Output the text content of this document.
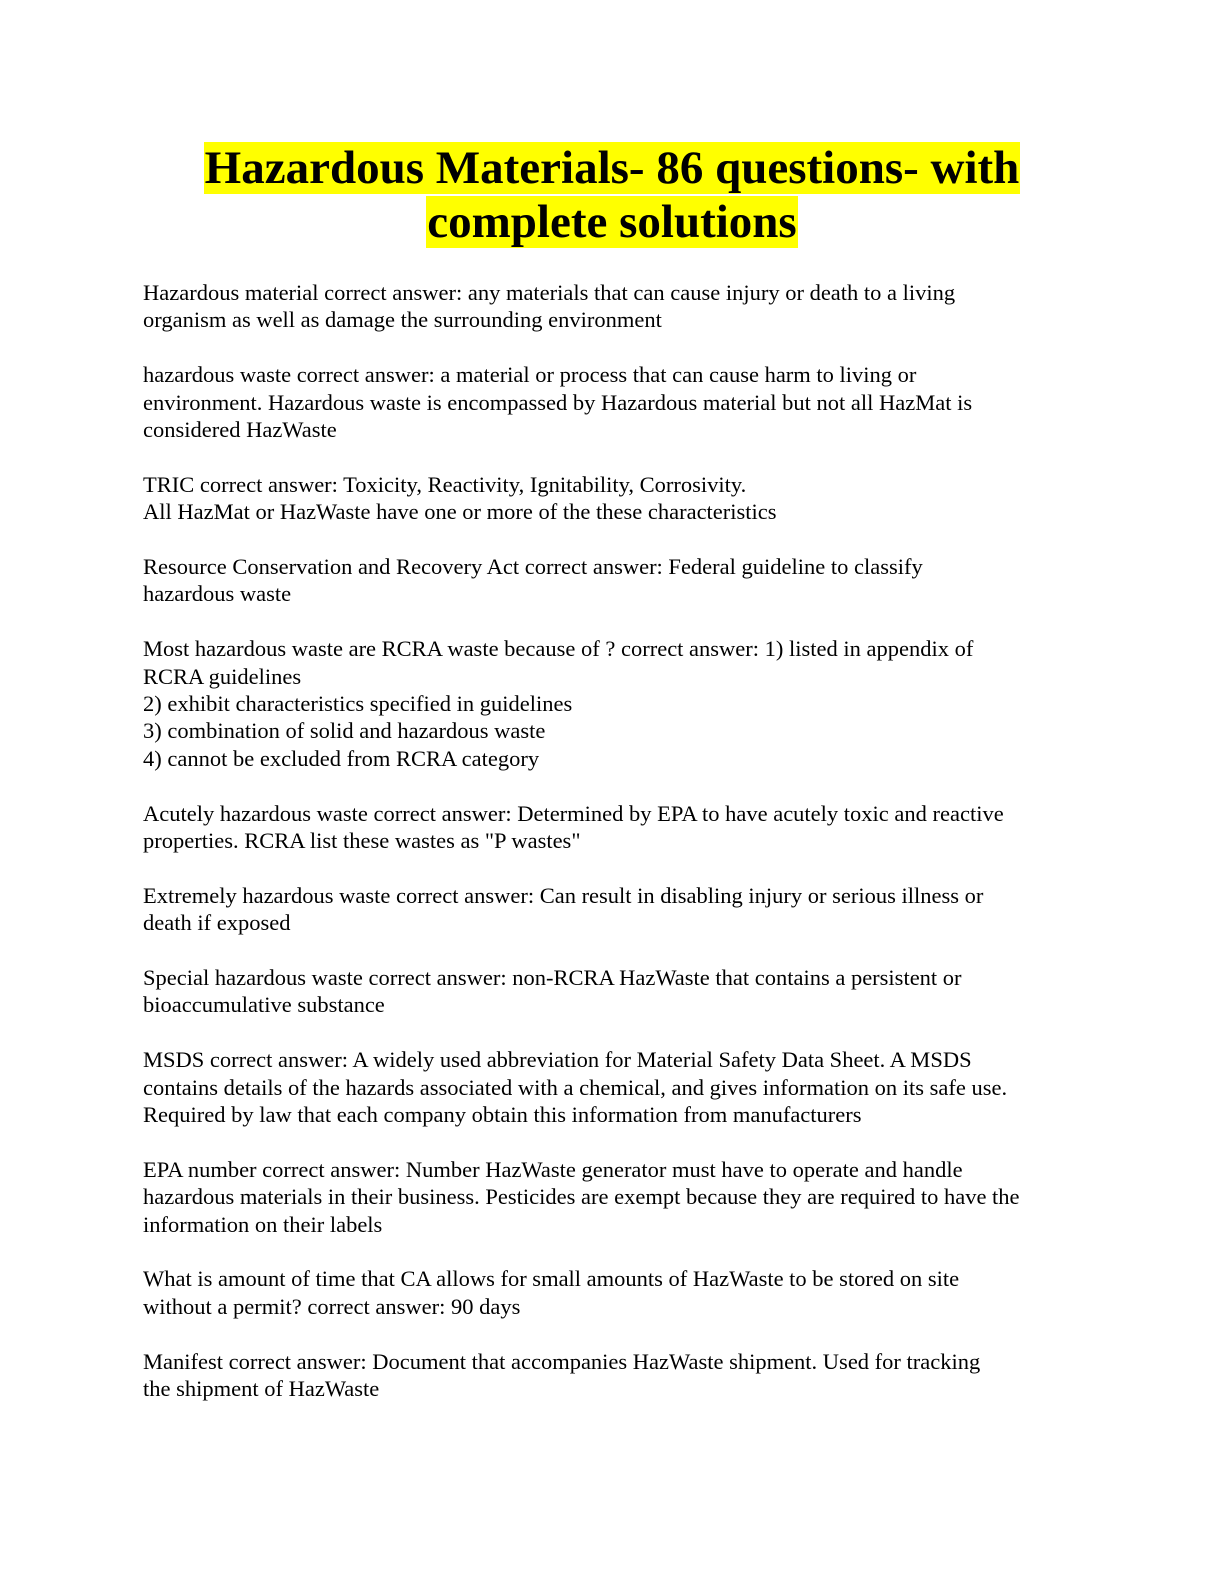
Hazardous Materials- 86 questions- with
complete solutions
Hazardous material correct answer: any materials that can cause injury or death to a living
organism as well as damage the surrounding environment
hazardous waste correct answer: a material or process that can cause harm to living or
environment. Hazardous waste is encompassed by Hazardous material but not all HazMat is
considered HazWaste
TRIC correct answer: Toxicity, Reactivity, Ignitability, Corrosivity.
All HazMat or HazWaste have one or more of the these characteristics
Resource Conservation and Recovery Act correct answer: Federal guideline to classify
hazardous waste
Most hazardous waste are RCRA waste because of ? correct answer: 1) listed in appendix of
RCRA guidelines
2) exhibit characteristics specified in guidelines
3) combination of solid and hazardous waste
4) cannot be excluded from RCRA category
Acutely hazardous waste correct answer: Determined by EPA to have acutely toxic and reactive
properties. RCRA list these wastes as "P wastes"
Extremely hazardous waste correct answer: Can result in disabling injury or serious illness or
death if exposed
Special hazardous waste correct answer: non-RCRA HazWaste that contains a persistent or
bioaccumulative substance
MSDS correct answer: A widely used abbreviation for Material Safety Data Sheet. A MSDS
contains details of the hazards associated with a chemical, and gives information on its safe use.
Required by law that each company obtain this information from manufacturers
EPA number correct answer: Number HazWaste generator must have to operate and handle
hazardous materials in their business. Pesticides are exempt because they are required to have the
information on their labels
What is amount of time that CA allows for small amounts of HazWaste to be stored on site
without a permit? correct answer: 90 days
Manifest correct answer: Document that accompanies HazWaste shipment. Used for tracking
the shipment of HazWaste
